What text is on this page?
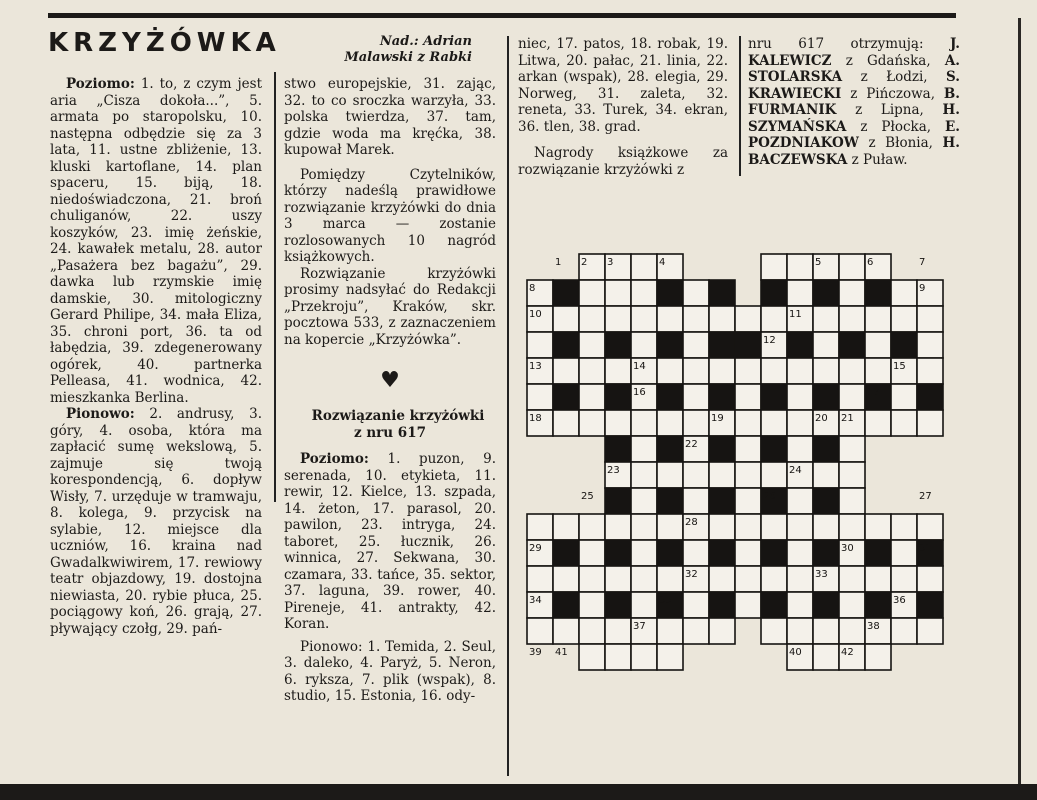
KRZYŻÓWKA	Nad.: Adrian
Malawski z Rabki

Poziomo: 1. to, z czym jest aria „Cisza dokoła...”, 5. armata po staropolsku, 10. następna odbędzie się za 3 lata, 11. ustne zbliżenie, 13. kluski kartoflane, 14. plan spaceru, 15. biją, 18. niedoświadczona, 21. broń chuliganów, 22. uszy koszyków, 23. imię żeńskie, 24. kawałek metalu, 28. autor „Pasażera bez bagażu”, 29. dawka lub rzymskie imię damskie, 30. mitologiczny Gerard Philipe, 34. mała Eliza, 35. chroni port, 36. ta od łabędzia, 39. zdegenerowany ogórek, 40. partnerka Pelleasa, 41. wodnica, 42. mieszkanka Berlina.

Pionowo: 2. andrusy, 3. góry, 4. osoba, która ma zapłacić sumę wekslową, 5. zajmuje się twoją korespondencją, 6. dopływ Wisły, 7. urzęduje w tramwaju, 8. kolega, 9. przycisk na sylabie, 12. miejsce dla uczniów, 16. kraina nad Gwadalkwiwirem, 17. rewiowy teatr objazdowy, 19. dostojna niewiasta, 20. rybie płuca, 25. pociągowy koń, 26. grają, 27. pływający czołg, 29. pań-

stwo europejskie, 31. zając, 32. to co sroczka warzyła, 33. polska twierdza, 37. tam, gdzie woda ma kręćka, 38. kupował Marek.

Pomiędzy Czytelników, którzy nadeślą prawidłowe rozwiązanie krzyżówki do dnia 3 marca — zostanie rozlosowanych 10 nagród książkowych.

Rozwiązanie krzyżówki prosimy nadsyłać do Redakcji „Przekroju”, Kraków, skr. pocztowa 533, z zaznaczeniem na kopercie „Krzyżówka”.

♥

Rozwiązanie krzyżówki z nru 617

Poziomo: 1. puzon, 9. serenada, 10. etykieta, 11. rewir, 12. Kielce, 13. szpada, 14. żeton, 17. parasol, 20. pawilon, 23. intryga, 24. taboret, 25. łucznik, 26. winnica, 27. Sekwana, 30. czamara, 33. tańce, 35. sektor, 37. laguna, 39. rower, 40. Pireneje, 41. antrakty, 42. Koran.

Pionowo: 1. Temida, 2. Seul, 3. daleko, 4. Paryż, 5. Neron, 6. ryksza, 7. plik (wspak), 8. studio, 15. Estonia, 16. ody-

niec, 17. patos, 18. robak, 19. Litwa, 20. pałac, 21. linia, 22. arkan (wspak), 28. elegia, 29. Norweg, 31. zaleta, 32. reneta, 33. Turek, 34. ekran, 36. tlen, 38. grad.

Nagrody książkowe za rozwiązanie krzyżówki z

nru 617 otrzymują: J. KALEWICZ z Gdańska, A. STOLARSKA z Łodzi, S. KRAWIECKI z Pińczowa, B. FURMANIK z Lipna, H. SZYMAŃSKA z Płocka, E. POZDNIAKOW z Błonia, H. BACZEWSKA z Puław.

1 2 3	4	5	6	7
8	9
10	11
12
13	14	15
16	17
18	19	20 21
22
23	24
25	26	27
28
29	30	31
32	33
34	35	36
37	38
39	40
41	42
